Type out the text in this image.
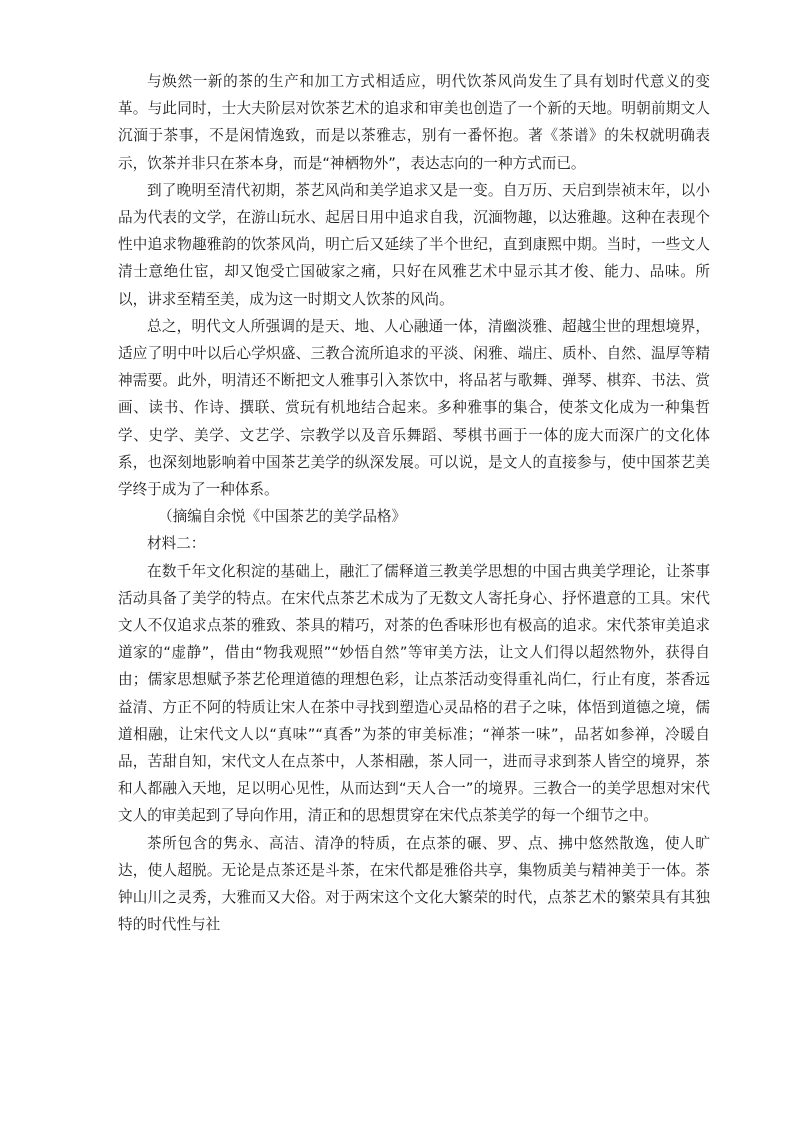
与焕然一新的茶的生产和加工方式相适应，明代饮茶风尚发生了具有划时代意义的变革。与此同时，士大夫阶层对饮茶艺术的追求和审美也创造了一个新的天地。明朝前期文人沉湎于茶事，不是闲情逸致，而是以茶雅志，别有一番怀抱。著《茶谱》的朱权就明确表示，饮茶并非只在茶本身，而是“神栖物外”，表达志向的一种方式而已。

到了晚明至清代初期，茶艺风尚和美学追求又是一变。自万历、天启到崇祯末年，以小品为代表的文学，在游山玩水、起居日用中追求自我，沉湎物趣，以达雅趣。这种在表现个性中追求物趣雅韵的饮茶风尚，明亡后又延续了半个世纪，直到康熙中期。当时，一些文人清士意绝仕宦，却又饱受亡国破家之痛，只好在风雅艺术中显示其才俊、能力、品味。所以，讲求至精至美，成为这一时期文人饮茶的风尚。

总之，明代文人所强调的是天、地、人心融通一体，清幽淡雅、超越尘世的理想境界，适应了明中叶以后心学炽盛、三教合流所追求的平淡、闲雅、端庄、质朴、自然、温厚等精神需要。此外，明清还不断把文人雅事引入茶饮中，将品茗与歌舞、弹琴、棋弈、书法、赏画、读书、作诗、撰联、赏玩有机地结合起来。多种雅事的集合，使茶文化成为一种集哲学、史学、美学、文艺学、宗教学以及音乐舞蹈、琴棋书画于一体的庞大而深广的文化体系，也深刻地影响着中国茶艺美学的纵深发展。可以说，是文人的直接参与，使中国茶艺美学终于成为了一种体系。

（摘编自余悦《中国茶艺的美学品格》

材料二：

在数千年文化积淀的基础上，融汇了儒释道三教美学思想的中国古典美学理论，让茶事活动具备了美学的特点。在宋代点茶艺术成为了无数文人寄托身心、抒怀遣意的工具。宋代文人不仅追求点茶的雅致、茶具的精巧，对茶的色香味形也有极高的追求。宋代茶审美追求道家的“虚静”，借由“物我观照”“妙悟自然”等审美方法，让文人们得以超然物外，获得自由；儒家思想赋予茶艺伦理道德的理想色彩，让点茶活动变得重礼尚仁，行止有度，茶香远益清、方正不阿的特质让宋人在茶中寻找到塑造心灵品格的君子之味，体悟到道德之境，儒道相融，让宋代文人以“真味”“真香”为茶的审美标准；“禅茶一味”，品茗如参禅，冷暖自品，苦甜自知，宋代文人在点茶中，人茶相融，茶人同一，进而寻求到茶人皆空的境界，茶和人都融入天地，足以明心见性，从而达到“天人合一”的境界。三教合一的美学思想对宋代文人的审美起到了导向作用，清正和的思想贯穿在宋代点茶美学的每一个细节之中。

茶所包含的隽永、高洁、清净的特质，在点茶的碾、罗、点、拂中悠然散逸，使人旷达，使人超脱。无论是点茶还是斗茶，在宋代都是雅俗共享，集物质美与精神美于一体。茶钟山川之灵秀，大雅而又大俗。对于两宋这个文化大繁荣的时代，点茶艺术的繁荣具有其独特的时代性与社
